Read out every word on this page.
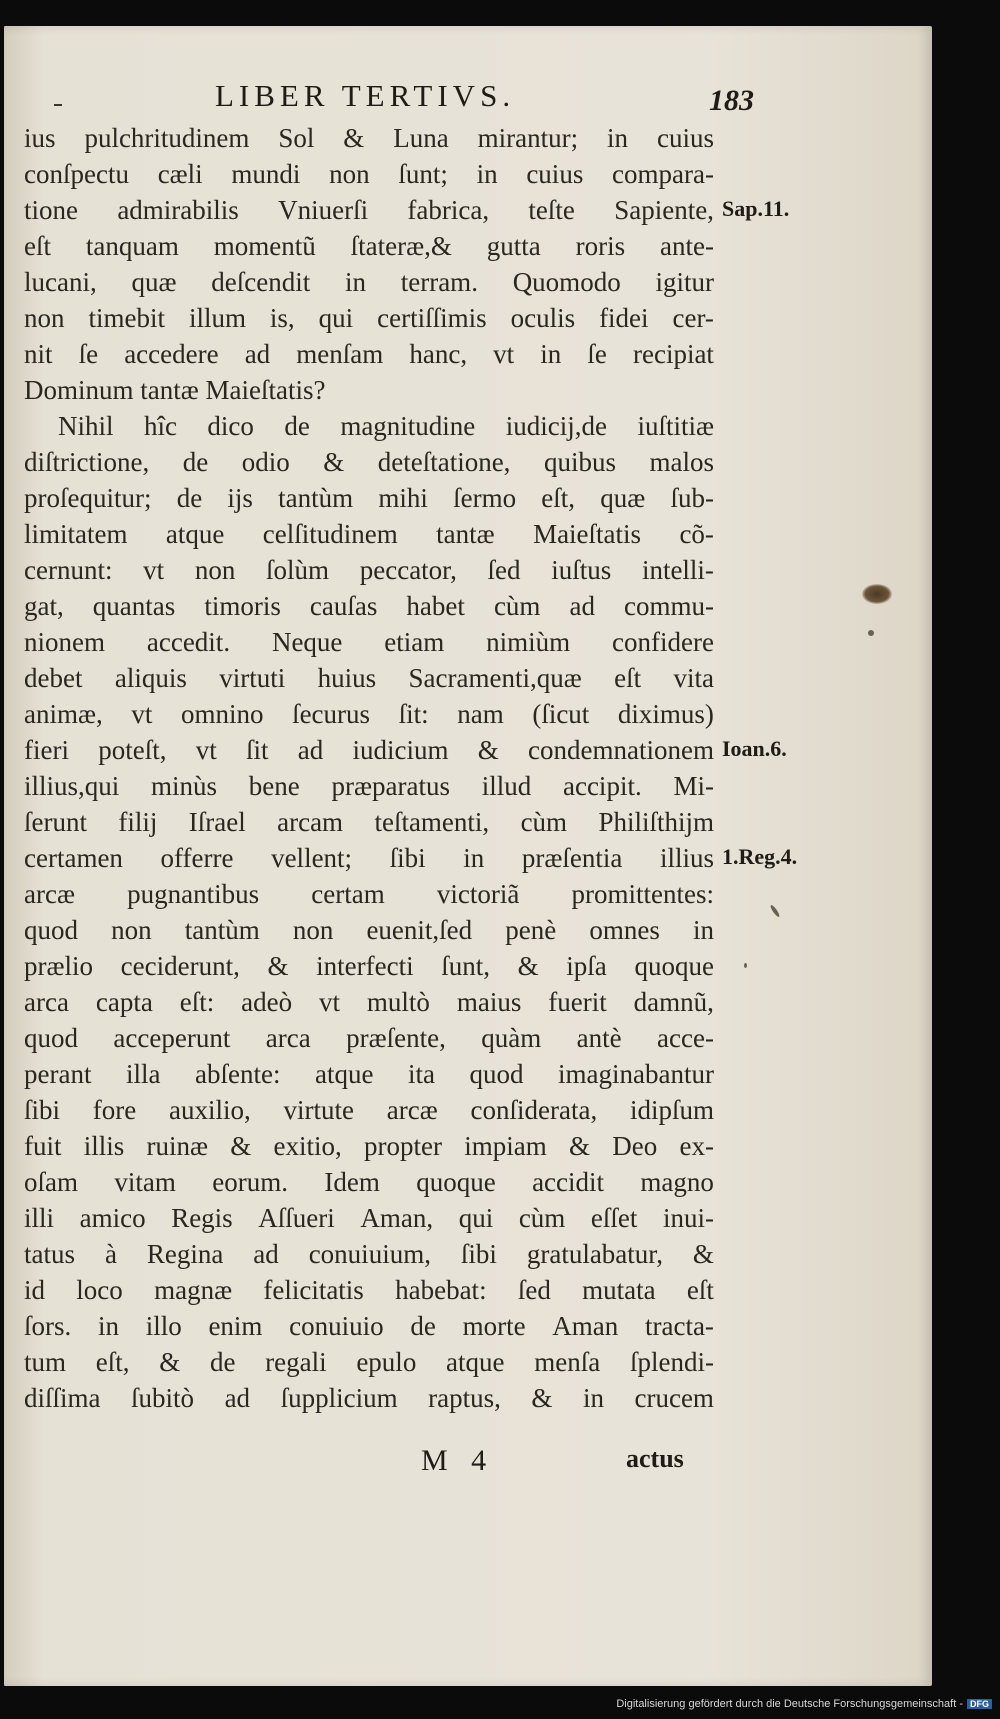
LIBER TERTIVS.	183
ius pulchritudinem Sol & Luna mirantur; in cuius
conſpectu cæli mundi non ſunt; in cuius compara-
tione admirabilis Vniuerſi fabrica, teſte Sapiente,
eſt tanquam momentũ ſtateræ,& gutta roris ante-
lucani, quæ deſcendit in terram. Quomodo igitur
non timebit illum is, qui certiſſimis oculis fidei cer-
nit ſe accedere ad menſam hanc, vt in ſe recipiat
Dominum tantæ Maieſtatis?
Nihil hîc dico de magnitudine iudicij,de iuſtitiæ
diſtrictione, de odio & deteſtatione, quibus malos
proſequitur; de ijs tantùm mihi ſermo eſt, quæ ſub-
limitatem atque celſitudinem tantæ Maieſtatis cõ-
cernunt: vt non ſolùm peccator, ſed iuſtus intelli-
gat, quantas timoris cauſas habet cùm ad commu-
nionem accedit. Neque etiam nimiùm confidere
debet aliquis virtuti huius Sacramenti,quæ eſt vita
animæ, vt omnino ſecurus ſit: nam (ſicut diximus)
fieri poteſt, vt ſit ad iudicium & condemnationem
illius,qui minùs bene præparatus illud accipit. Mi-
ſerunt filij Iſrael arcam teſtamenti, cùm Philiſthijm
certamen offerre vellent; ſibi in præſentia illius
arcæ pugnantibus certam victoriã promittentes:
quod non tantùm non euenit,ſed penè omnes in
prælio ceciderunt, & interfecti ſunt, & ipſa quoque
arca capta eſt: adeò vt multò maius fuerit damnũ,
quod acceperunt arca præſente, quàm antè acce-
perant illa abſente: atque ita quod imaginabantur
ſibi fore auxilio, virtute arcæ conſiderata, idipſum
fuit illis ruinæ & exitio, propter impiam & Deo ex-
oſam vitam eorum. Idem quoque accidit magno
illi amico Regis Aſſueri Aman, qui cùm eſſet inui-
tatus à Regina ad conuiuium, ſibi gratulabatur, &
id loco magnæ felicitatis habebat: ſed mutata eſt
ſors. in illo enim conuiuio de morte Aman tracta-
tum eſt, & de regali epulo atque menſa ſplendi-
diſſima ſubitò ad ſupplicium raptus, & in crucem
Sap.11.
Ioan.6.
1.Reg.4.
M 4	actus
Digitalisierung gefördert durch die Deutsche Forschungsgemeinschaft - DFG
